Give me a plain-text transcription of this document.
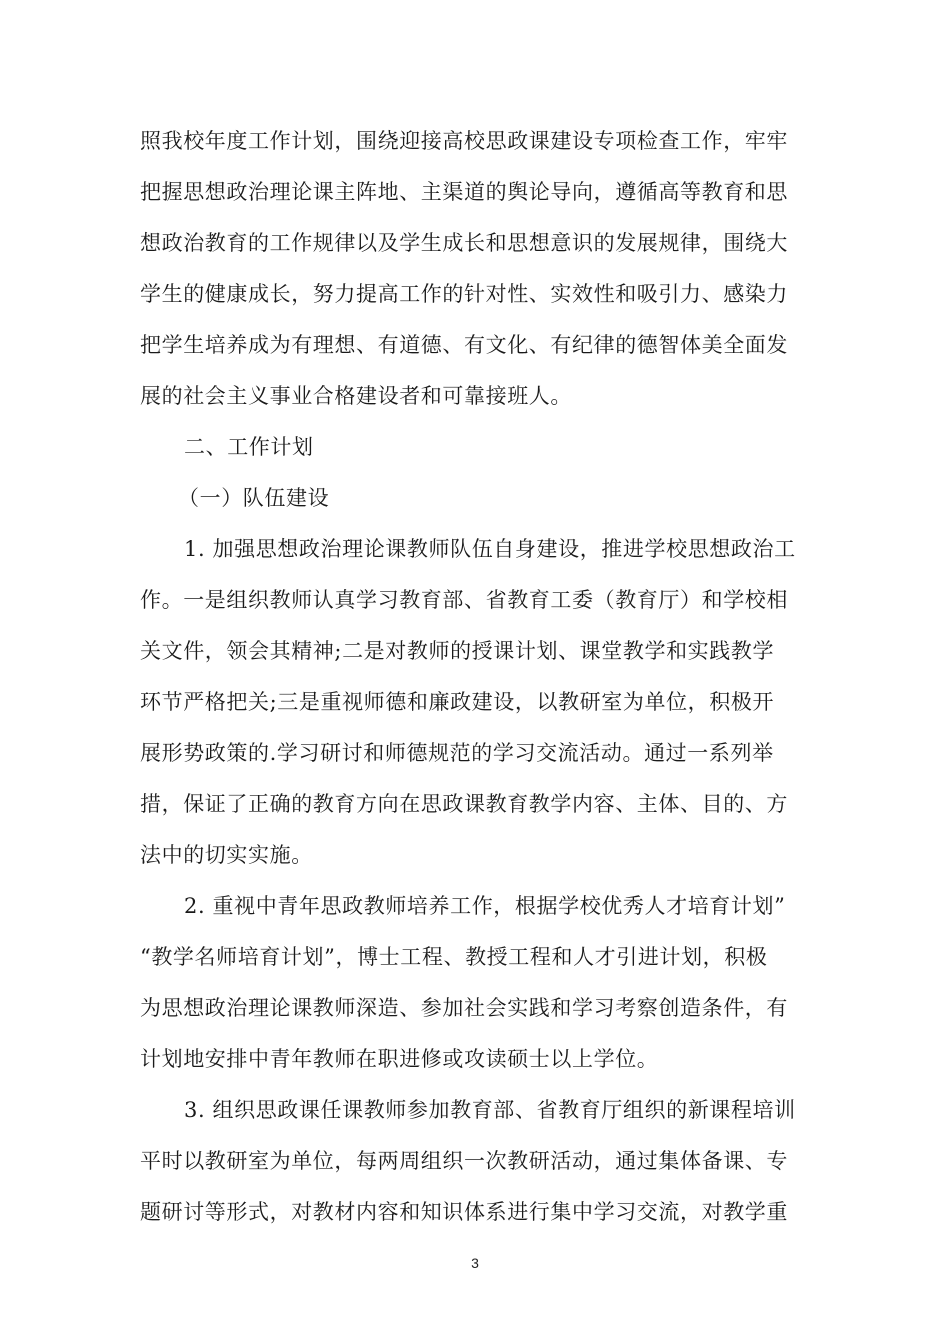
照我校年度工作计划，围绕迎接高校思政课建设专项检查工作，牢牢
把握思想政治理论课主阵地、主渠道的舆论导向，遵循高等教育和思
想政治教育的工作规律以及学生成长和思想意识的发展规律，围绕大
学生的健康成长，努力提高工作的针对性、实效性和吸引力、感染力
把学生培养成为有理想、有道德、有文化、有纪律的德智体美全面发
展的社会主义事业合格建设者和可靠接班人。
二、工作计划
（一）队伍建设
1. 加强思想政治理论课教师队伍自身建设，推进学校思想政治工
作。一是组织教师认真学习教育部、省教育工委（教育厅）和学校相
关文件，领会其精神;二是对教师的授课计划、课堂教学和实践教学
环节严格把关;三是重视师德和廉政建设，以教研室为单位，积极开
展形势政策的.学习研讨和师德规范的学习交流活动。通过一系列举
措，保证了正确的教育方向在思政课教育教学内容、主体、目的、方
法中的切实实施。
2. 重视中青年思政教师培养工作，根据学校优秀人才培育计划”
“教学名师培育计划”，博士工程、教授工程和人才引进计划，积极
为思想政治理论课教师深造、参加社会实践和学习考察创造条件，有
计划地安排中青年教师在职进修或攻读硕士以上学位。
3. 组织思政课任课教师参加教育部、省教育厅组织的新课程培训
平时以教研室为单位，每两周组织一次教研活动，通过集体备课、专
题研讨等形式，对教材内容和知识体系进行集中学习交流，对教学重
3
